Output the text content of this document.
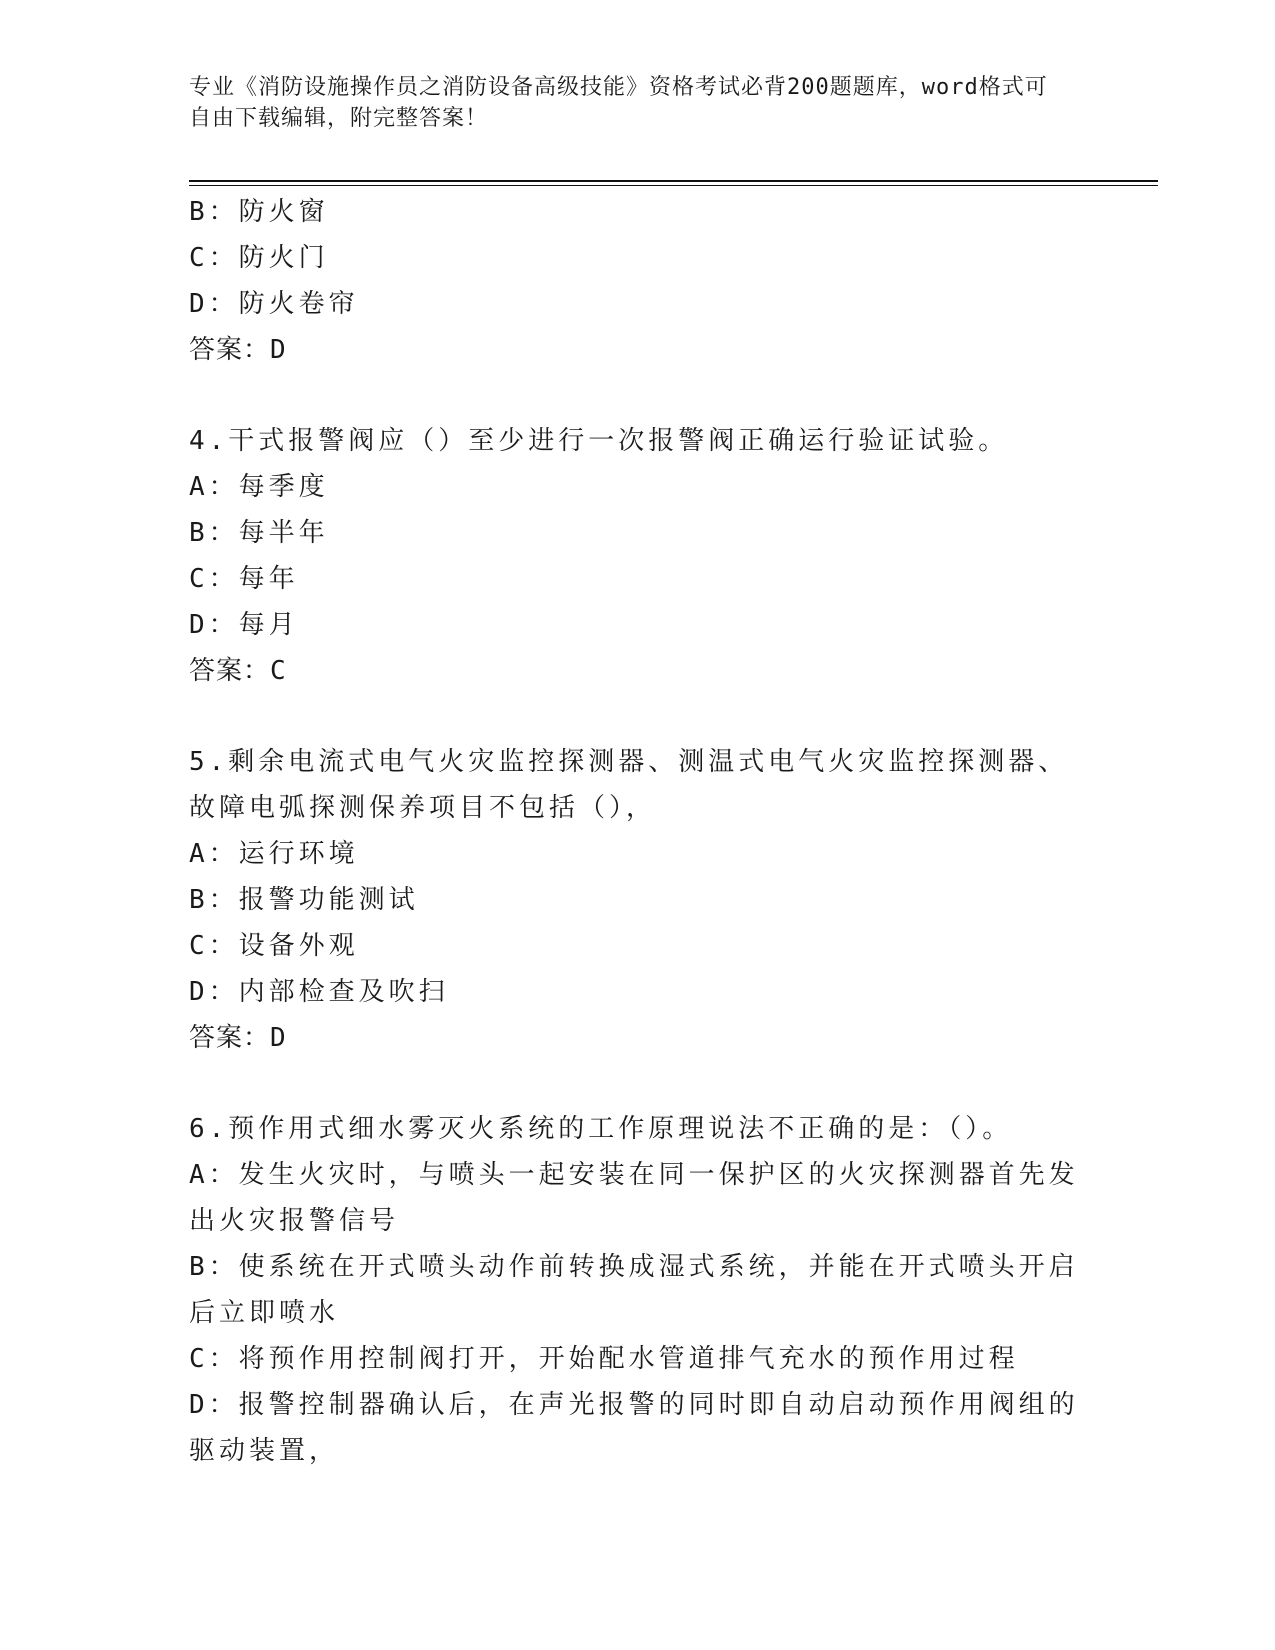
专业《消防设施操作员之消防设备高级技能》资格考试必背200题题库，word格式可自由下载编辑，附完整答案！
B：防火窗
C：防火门
D：防火卷帘
答案：D
4.干式报警阀应（）至少进行一次报警阀正确运行验证试验。
A：每季度
B：每半年
C：每年
D：每月
答案：C
5.剩余电流式电气火灾监控探测器、测温式电气火灾监控探测器、故障电弧探测保养项目不包括（），
A：运行环境
B：报警功能测试
C：设备外观
D：内部检查及吹扫
答案：D
6.预作用式细水雾灭火系统的工作原理说法不正确的是：（）。
A：发生火灾时，与喷头一起安装在同一保护区的火灾探测器首先发出火灾报警信号
B：使系统在开式喷头动作前转换成湿式系统，并能在开式喷头开启后立即喷水
C：将预作用控制阀打开，开始配水管道排气充水的预作用过程
D：报警控制器确认后，在声光报警的同时即自动启动预作用阀组的驱动装置，
